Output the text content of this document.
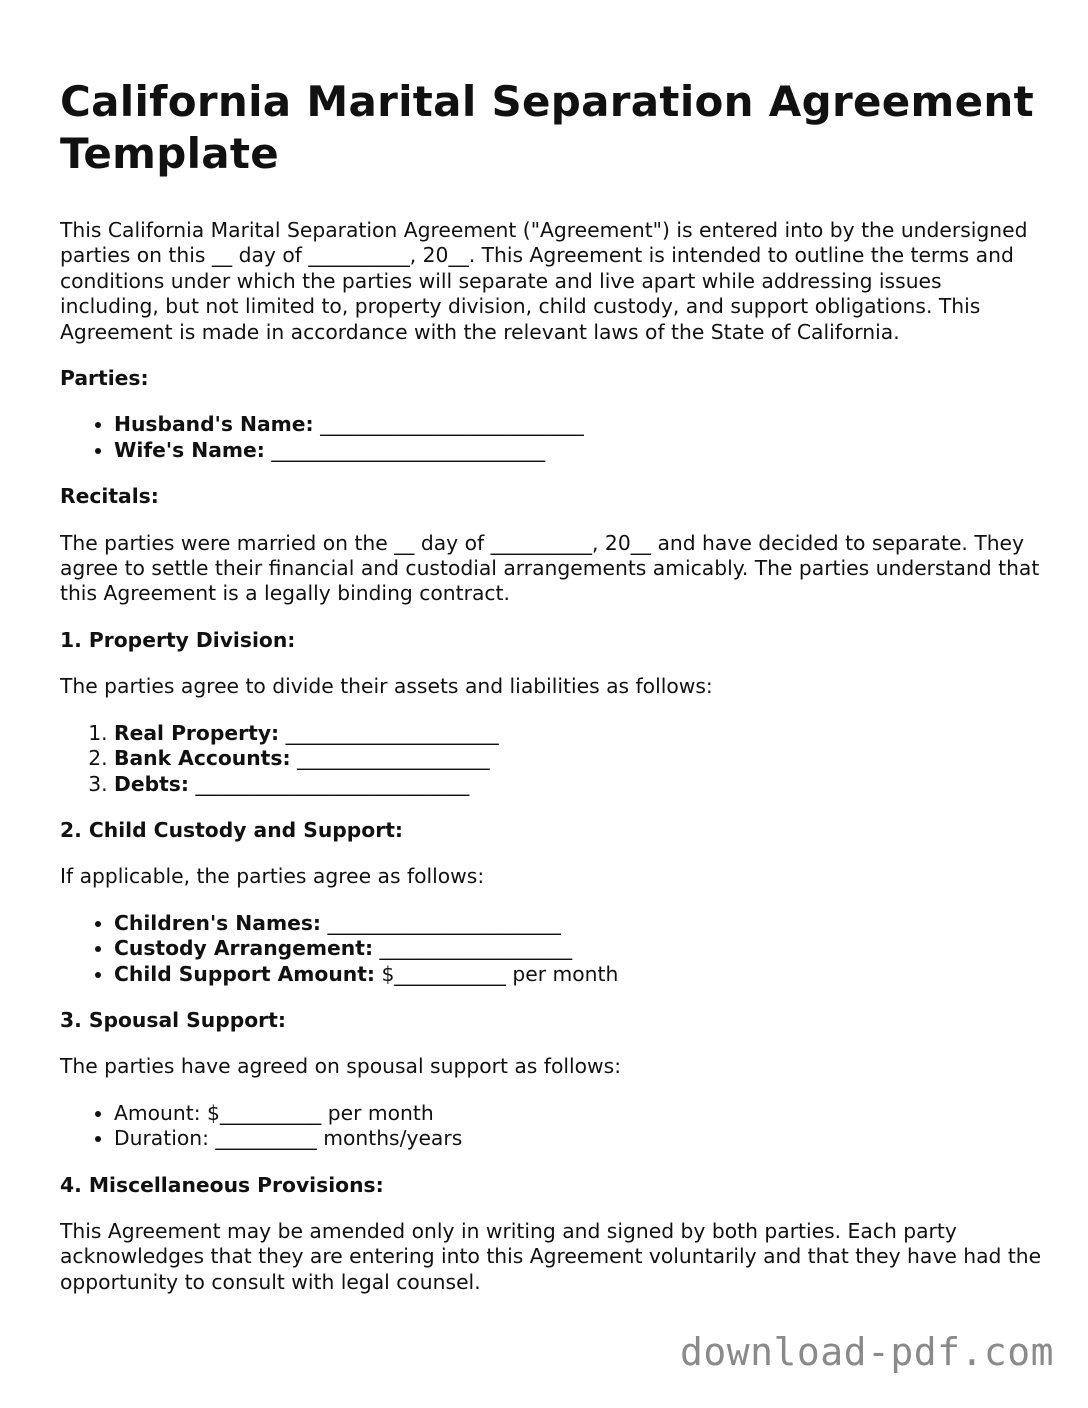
California Marital Separation Agreement Template

This California Marital Separation Agreement ("Agreement") is entered into by the undersigned parties on this __ day of __________, 20__. This Agreement is intended to outline the terms and conditions under which the parties will separate and live apart while addressing issues including, but not limited to, property division, child custody, and support obligations. This Agreement is made in accordance with the relevant laws of the State of California.

Parties:
• Husband's Name: __________________________
• Wife's Name: ___________________________
Recitals:

The parties were married on the __ day of __________, 20__ and have decided to separate. They agree to settle their financial and custodial arrangements amicably. The parties understand that this Agreement is a legally binding contract.

1. Property Division:

The parties agree to divide their assets and liabilities as follows:

1. Real Property: _____________________
2. Bank Accounts: ___________________
3. Debts: ___________________________
2. Child Custody and Support:

If applicable, the parties agree as follows:

• Children's Names: _______________________
• Custody Arrangement: ___________________
• Child Support Amount: $___________ per month
3. Spousal Support:

The parties have agreed on spousal support as follows:

• Amount: $__________ per month
• Duration: __________ months/years
4. Miscellaneous Provisions:

This Agreement may be amended only in writing and signed by both parties. Each party acknowledges that they are entering into this Agreement voluntarily and that they have had the opportunity to consult with legal counsel.

download-pdf.com
